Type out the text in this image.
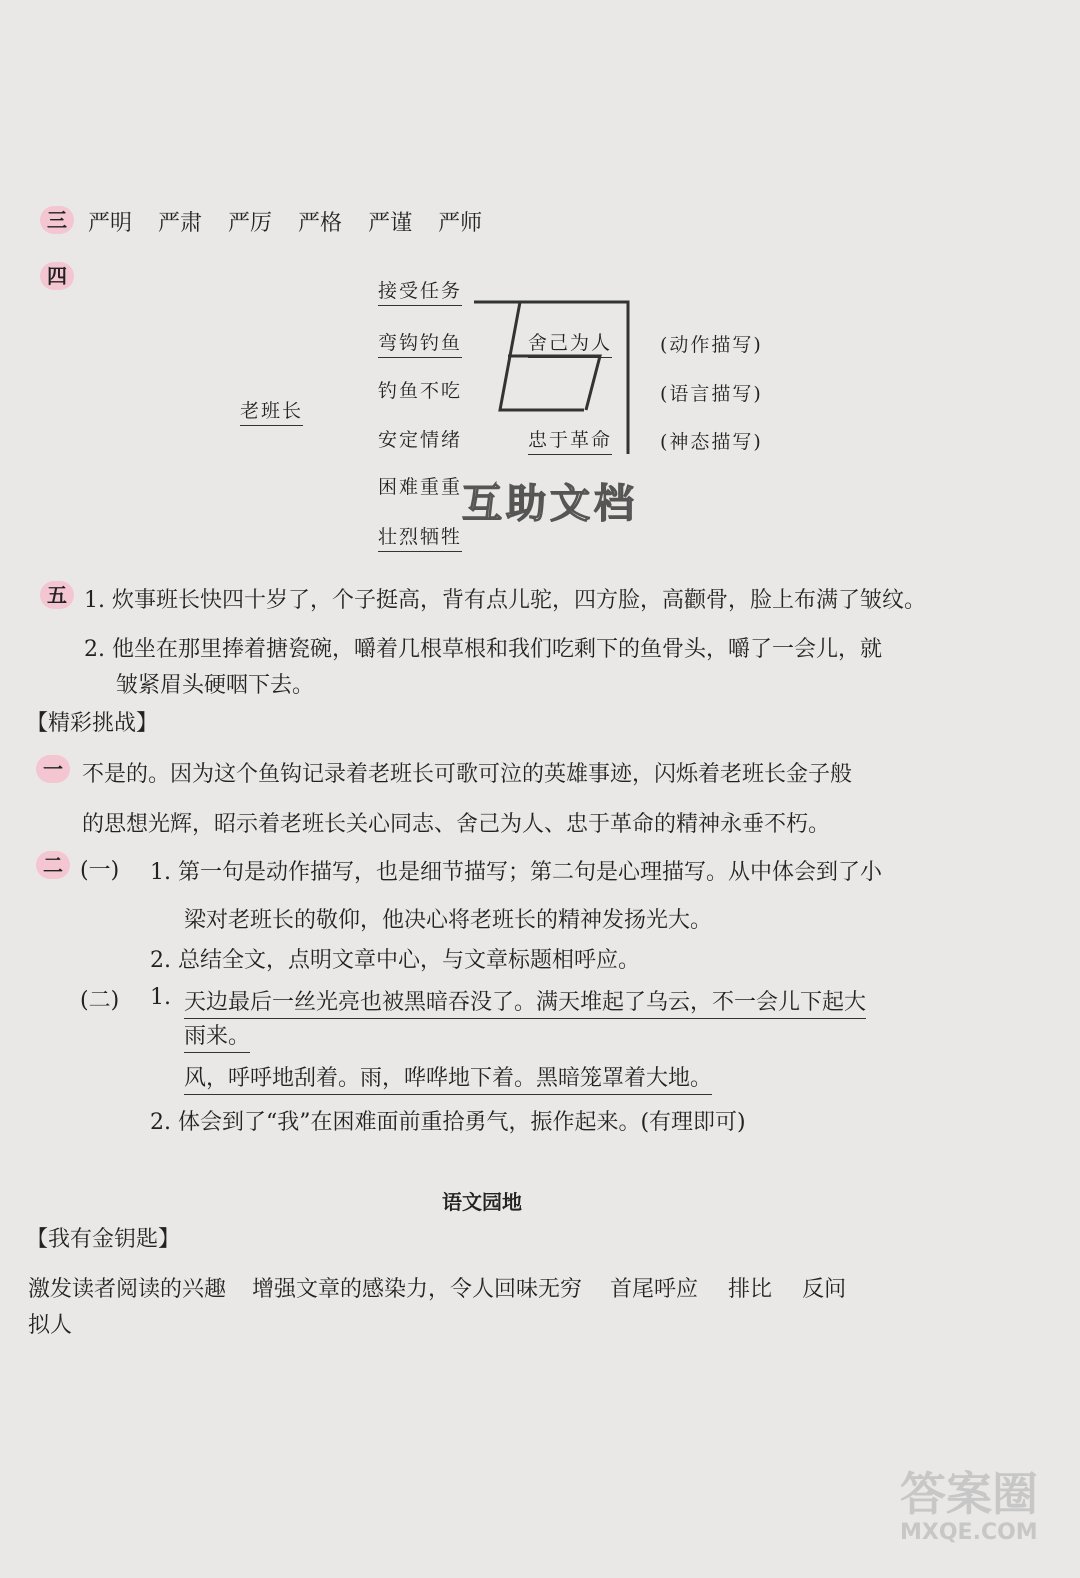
三 严明 严肃 严厉 严格 严谨 严师
四
老班长
接受任务
弯钩钓鱼
钓鱼不吃
安定情绪
困难重重
壮烈牺牲
舍己为人
忠于革命
(动作描写)
(语言描写)
(神态描写)
互助文档
五 1. 炊事班长快四十岁了，个子挺高，背有点儿驼，四方脸，高颧骨，脸上布满了皱纹。
2. 他坐在那里捧着搪瓷碗，嚼着几根草根和我们吃剩下的鱼骨头，嚼了一会儿，就
皱紧眉头硬咽下去。
【精彩挑战】
一 不是的。因为这个鱼钩记录着老班长可歌可泣的英雄事迹，闪烁着老班长金子般
的思想光辉，昭示着老班长关心同志、舍己为人、忠于革命的精神永垂不朽。
二 (一) 1. 第一句是动作描写，也是细节描写；第二句是心理描写。从中体会到了小
梁对老班长的敬仰，他决心将老班长的精神发扬光大。
2. 总结全文，点明文章中心，与文章标题相呼应。
(二) 1. 天边最后一丝光亮也被黑暗吞没了。满天堆起了乌云，不一会儿下起大
雨来。
风，呼呼地刮着。雨，哗哗地下着。黑暗笼罩着大地。
2. 体会到了“我”在困难面前重拾勇气，振作起来。(有理即可)
语文园地
【我有金钥匙】
激发读者阅读的兴趣 增强文章的感染力，令人回味无穷 首尾呼应 排比 反问
拟人
答案圈
MXQE.COM
